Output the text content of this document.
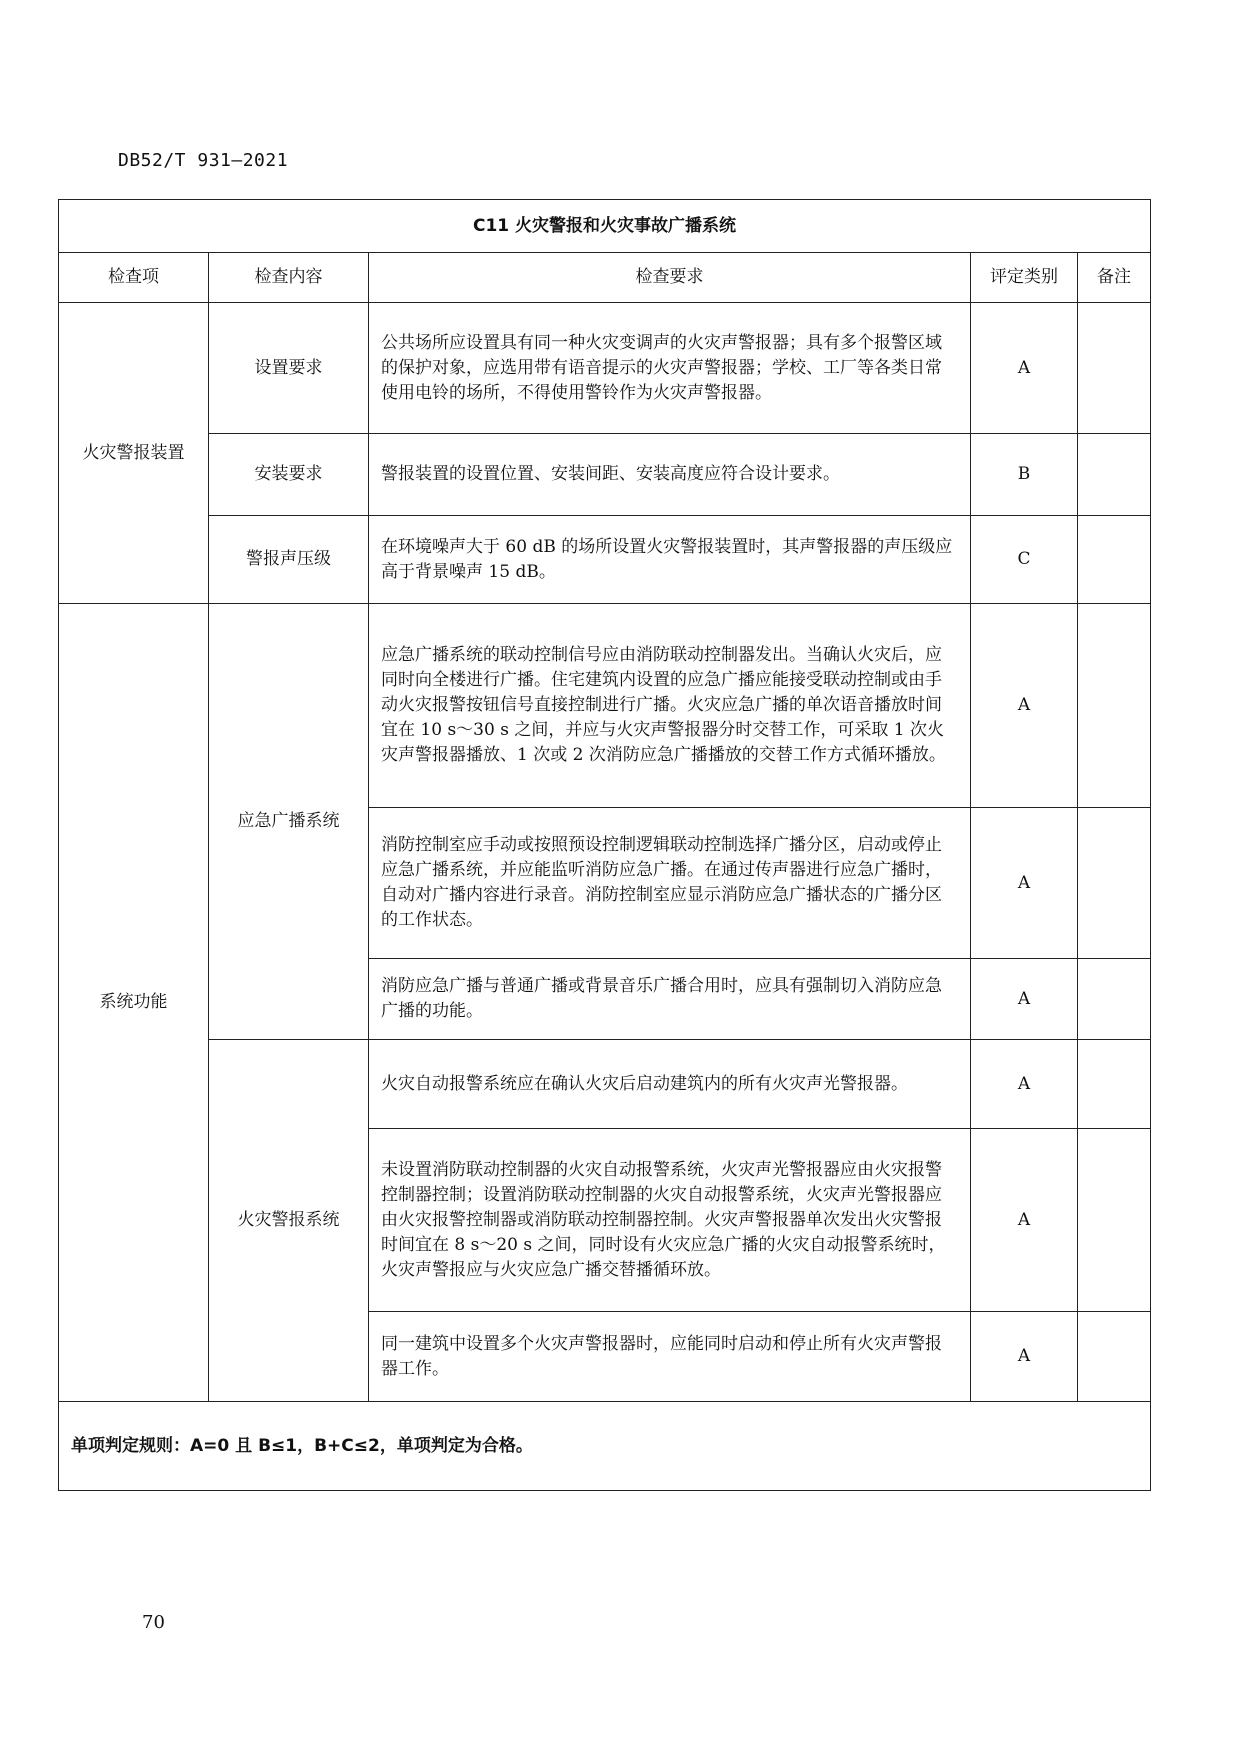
DB52/T 931—2021
C11 火灾警报和火灾事故广播系统				
检查项	检查内容	检查要求	评定类别	备注
火灾警报装置	设置要求	公共场所应设置具有同一种火灾变调声的火灾声警报器；具有多个报警区域的保护对象，应选用带有语音提示的火灾声警报器；学校、工厂等各类日常使用电铃的场所，不得使用警铃作为火灾声警报器。	A	
	安装要求	警报装置的设置位置、安装间距、安装高度应符合设计要求。	B	
	警报声压级	在环境噪声大于 60 dB 的场所设置火灾警报装置时，其声警报器的声压级应高于背景噪声 15 dB。	C	
系统功能	应急广播系统	应急广播系统的联动控制信号应由消防联动控制器发出。当确认火灾后，应同时向全楼进行广播。住宅建筑内设置的应急广播应能接受联动控制或由手动火灾报警按钮信号直接控制进行广播。火灾应急广播的单次语音播放时间宜在 10 s～30 s 之间，并应与火灾声警报器分时交替工作，可采取 1 次火灾声警报器播放、1 次或 2 次消防应急广播播放的交替工作方式循环播放。	A	
		消防控制室应手动或按照预设控制逻辑联动控制选择广播分区，启动或停止应急广播系统，并应能监听消防应急广播。在通过传声器进行应急广播时，自动对广播内容进行录音。消防控制室应显示消防应急广播状态的广播分区的工作状态。	A	
		消防应急广播与普通广播或背景音乐广播合用时，应具有强制切入消防应急广播的功能。	A	
	火灾警报系统	火灾自动报警系统应在确认火灾后启动建筑内的所有火灾声光警报器。	A	
		未设置消防联动控制器的火灾自动报警系统，火灾声光警报器应由火灾报警控制器控制；设置消防联动控制器的火灾自动报警系统，火灾声光警报器应由火灾报警控制器或消防联动控制器控制。火灾声警报器单次发出火灾警报时间宜在 8 s～20 s 之间，同时设有火灾应急广播的火灾自动报警系统时，火灾声警报应与火灾应急广播交替播循环放。	A	
		同一建筑中设置多个火灾声警报器时，应能同时启动和停止所有火灾声警报器工作。	A	
单项判定规则：A=0 且 B≤1，B+C≤2，单项判定为合格。				
70
